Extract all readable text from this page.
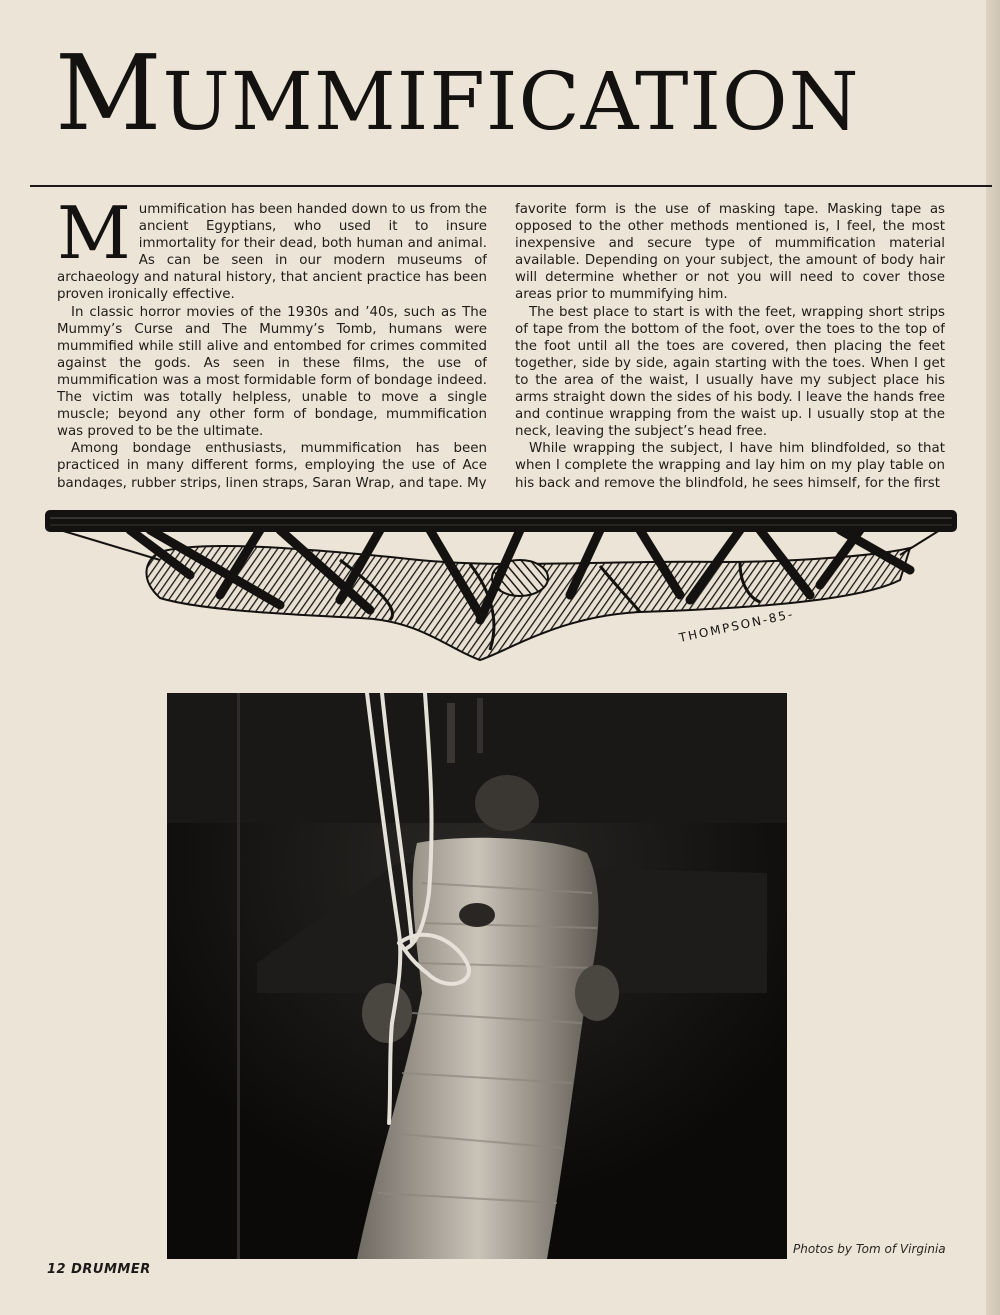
MUMMIFICATION
M ummification has been handed down to us from the ancient Egyptians, who used it to insure immortality for their dead, both human and animal. As can be seen in our modern museums of archaeology and natural history, that ancient practice has been proven ironically effective.

In classic horror movies of the 1930s and ’40s, such as The Mummy’s Curse and The Mummy’s Tomb, humans were mummified while still alive and entombed for crimes commited against the gods. As seen in these films, the use of mummification was a most formidable form of bondage indeed. The victim was totally helpless, unable to move a single muscle; beyond any other form of bondage, mummification was proved to be the ultimate.

Among bondage enthusiasts, mummification has been practiced in many different forms, employing the use of Ace bandages, rubber strips, linen straps, Saran Wrap, and tape. My

favorite form is the use of masking tape. Masking tape as opposed to the other methods mentioned is, I feel, the most inexpensive and secure type of mummification material available. Depending on your subject, the amount of body hair will determine whether or not you will need to cover those areas prior to mummifying him.

The best place to start is with the feet, wrapping short strips of tape from the bottom of the foot, over the toes to the top of the foot until all the toes are covered, then placing the feet together, side by side, again starting with the toes. When I get to the area of the waist, I usually have my subject place his arms straight down the sides of his body. I leave the hands free and continue wrapping from the waist up. I usually stop at the neck, leaving the subject’s head free.

While wrapping the subject, I have him blindfolded, so that when I complete the wrapping and lay him on my play table on his back and remove the blindfold, he sees himself, for the first

THOMPSON-85-
Photos by Tom of Virginia
12 DRUMMER
